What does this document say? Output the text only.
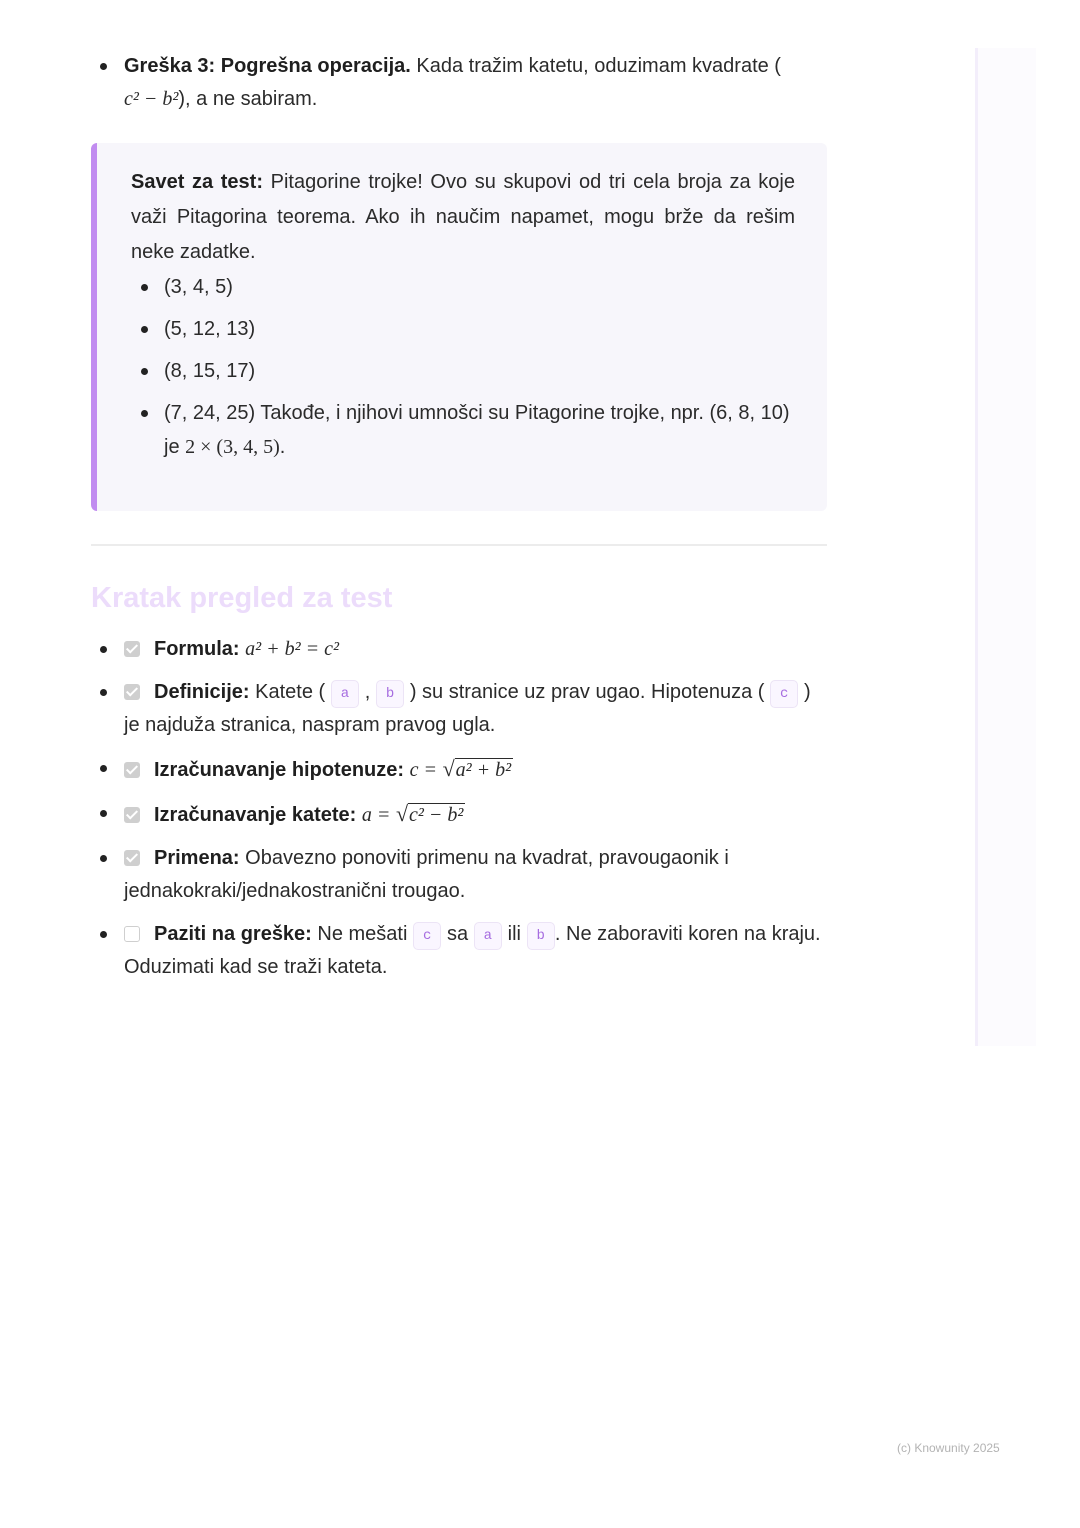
Greška 3: Pogrešna operacija. Kada tražim katetu, oduzimam kvadrate (
c² − b²), a ne sabiram.
Savet za test: Pitagorine trojke! Ovo su skupovi od tri cela broja za koje važi Pitagorina teorema. Ako ih naučim napamet, mogu brže da rešim neke zadatke.
(3, 4, 5)
(5, 12, 13)
(8, 15, 17)
(7, 24, 25) Takođe, i njihovi umnošci su Pitagorine trojke, npr. (6, 8, 10) je 2 × (3, 4, 5).
Kratak pregled za test
Formula: a² + b² = c²
Definicije: Katete ( a , b ) su stranice uz prav ugao. Hipotenuza ( c ) je najduža stranica, naspram pravog ugla.
Izračunavanje hipotenuze: c = √a² + b²
Izračunavanje katete: a = √c² − b²
Primena: Obavezno ponoviti primenu na kvadrat, pravougaonik i jednakokraki/jednakostranični trougao.
Paziti na greške: Ne mešati c sa a ili b . Ne zaboraviti koren na kraju. Oduzimati kad se traži kateta.
(c) Knowunity 2025
